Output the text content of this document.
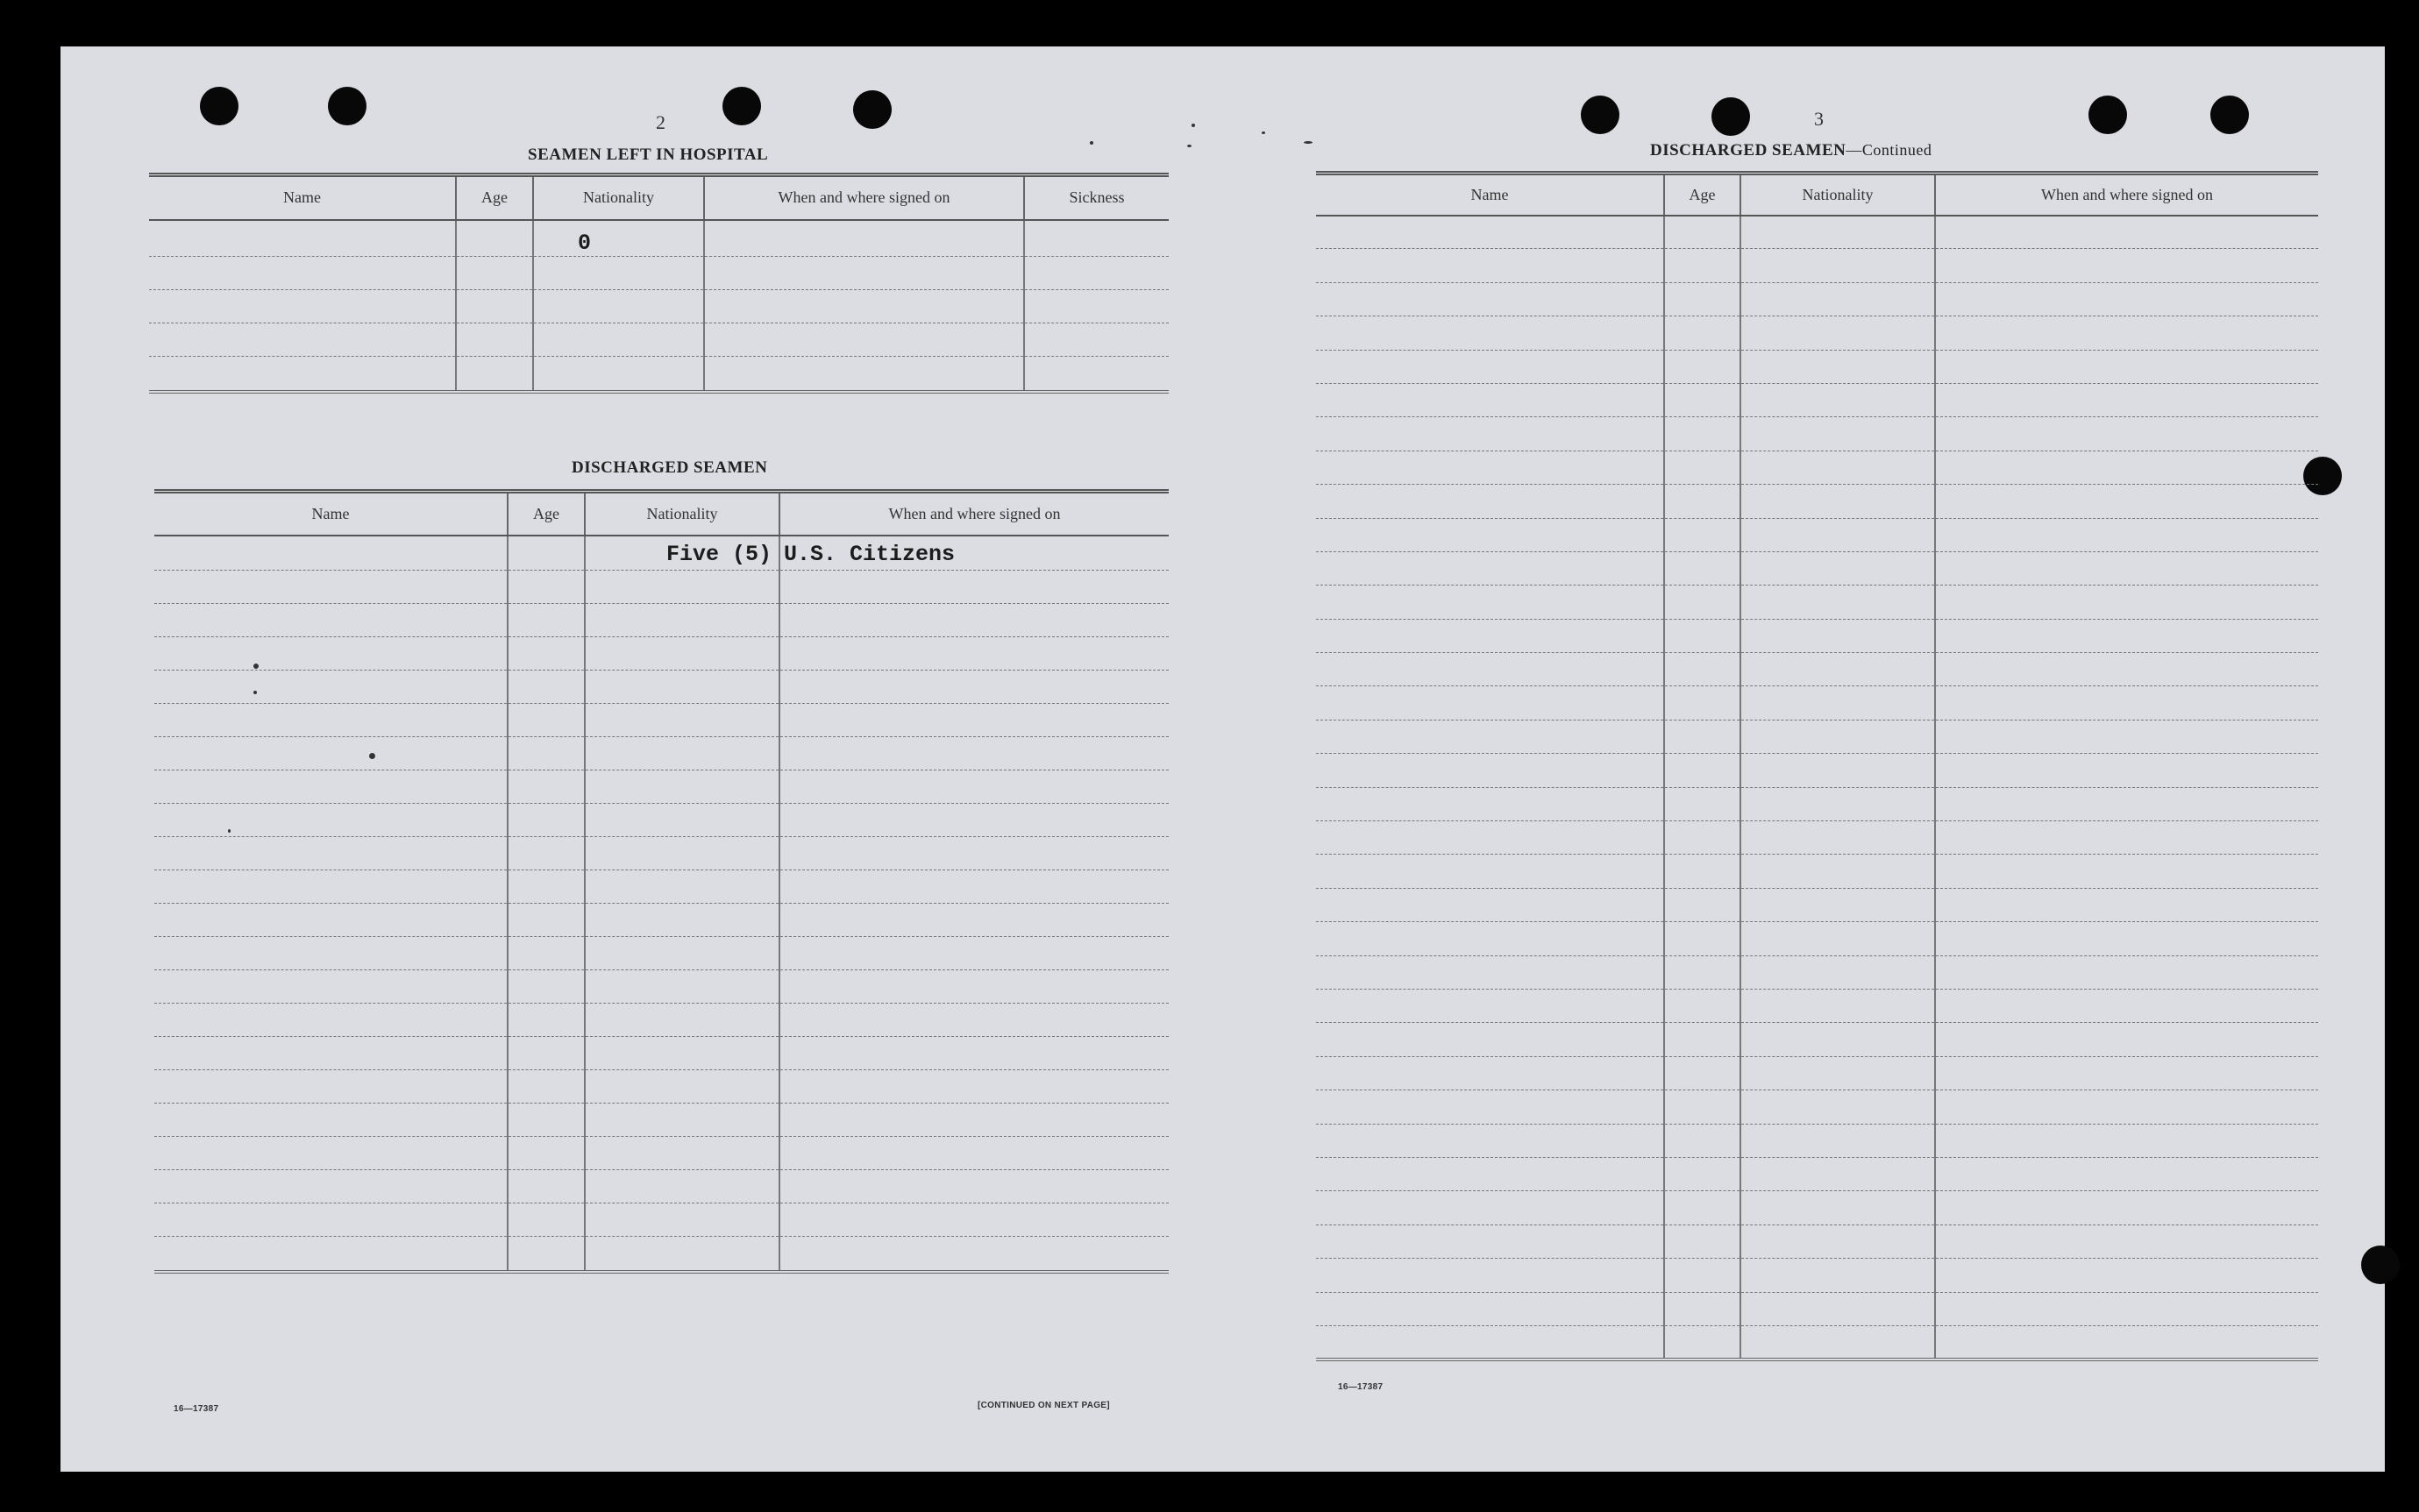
2
SEAMEN LEFT IN HOSPITAL
Name	Age	Nationality	When and where signed on	Sickness
		0		

DISCHARGED SEAMEN
Name	Age	Nationality	When and where signed on
		Five (5)	U.S. Citizens

16—17387	[CONTINUED ON NEXT PAGE]
3
DISCHARGED SEAMEN—Continued
Name	Age	Nationality	When and where signed on

16—17387
